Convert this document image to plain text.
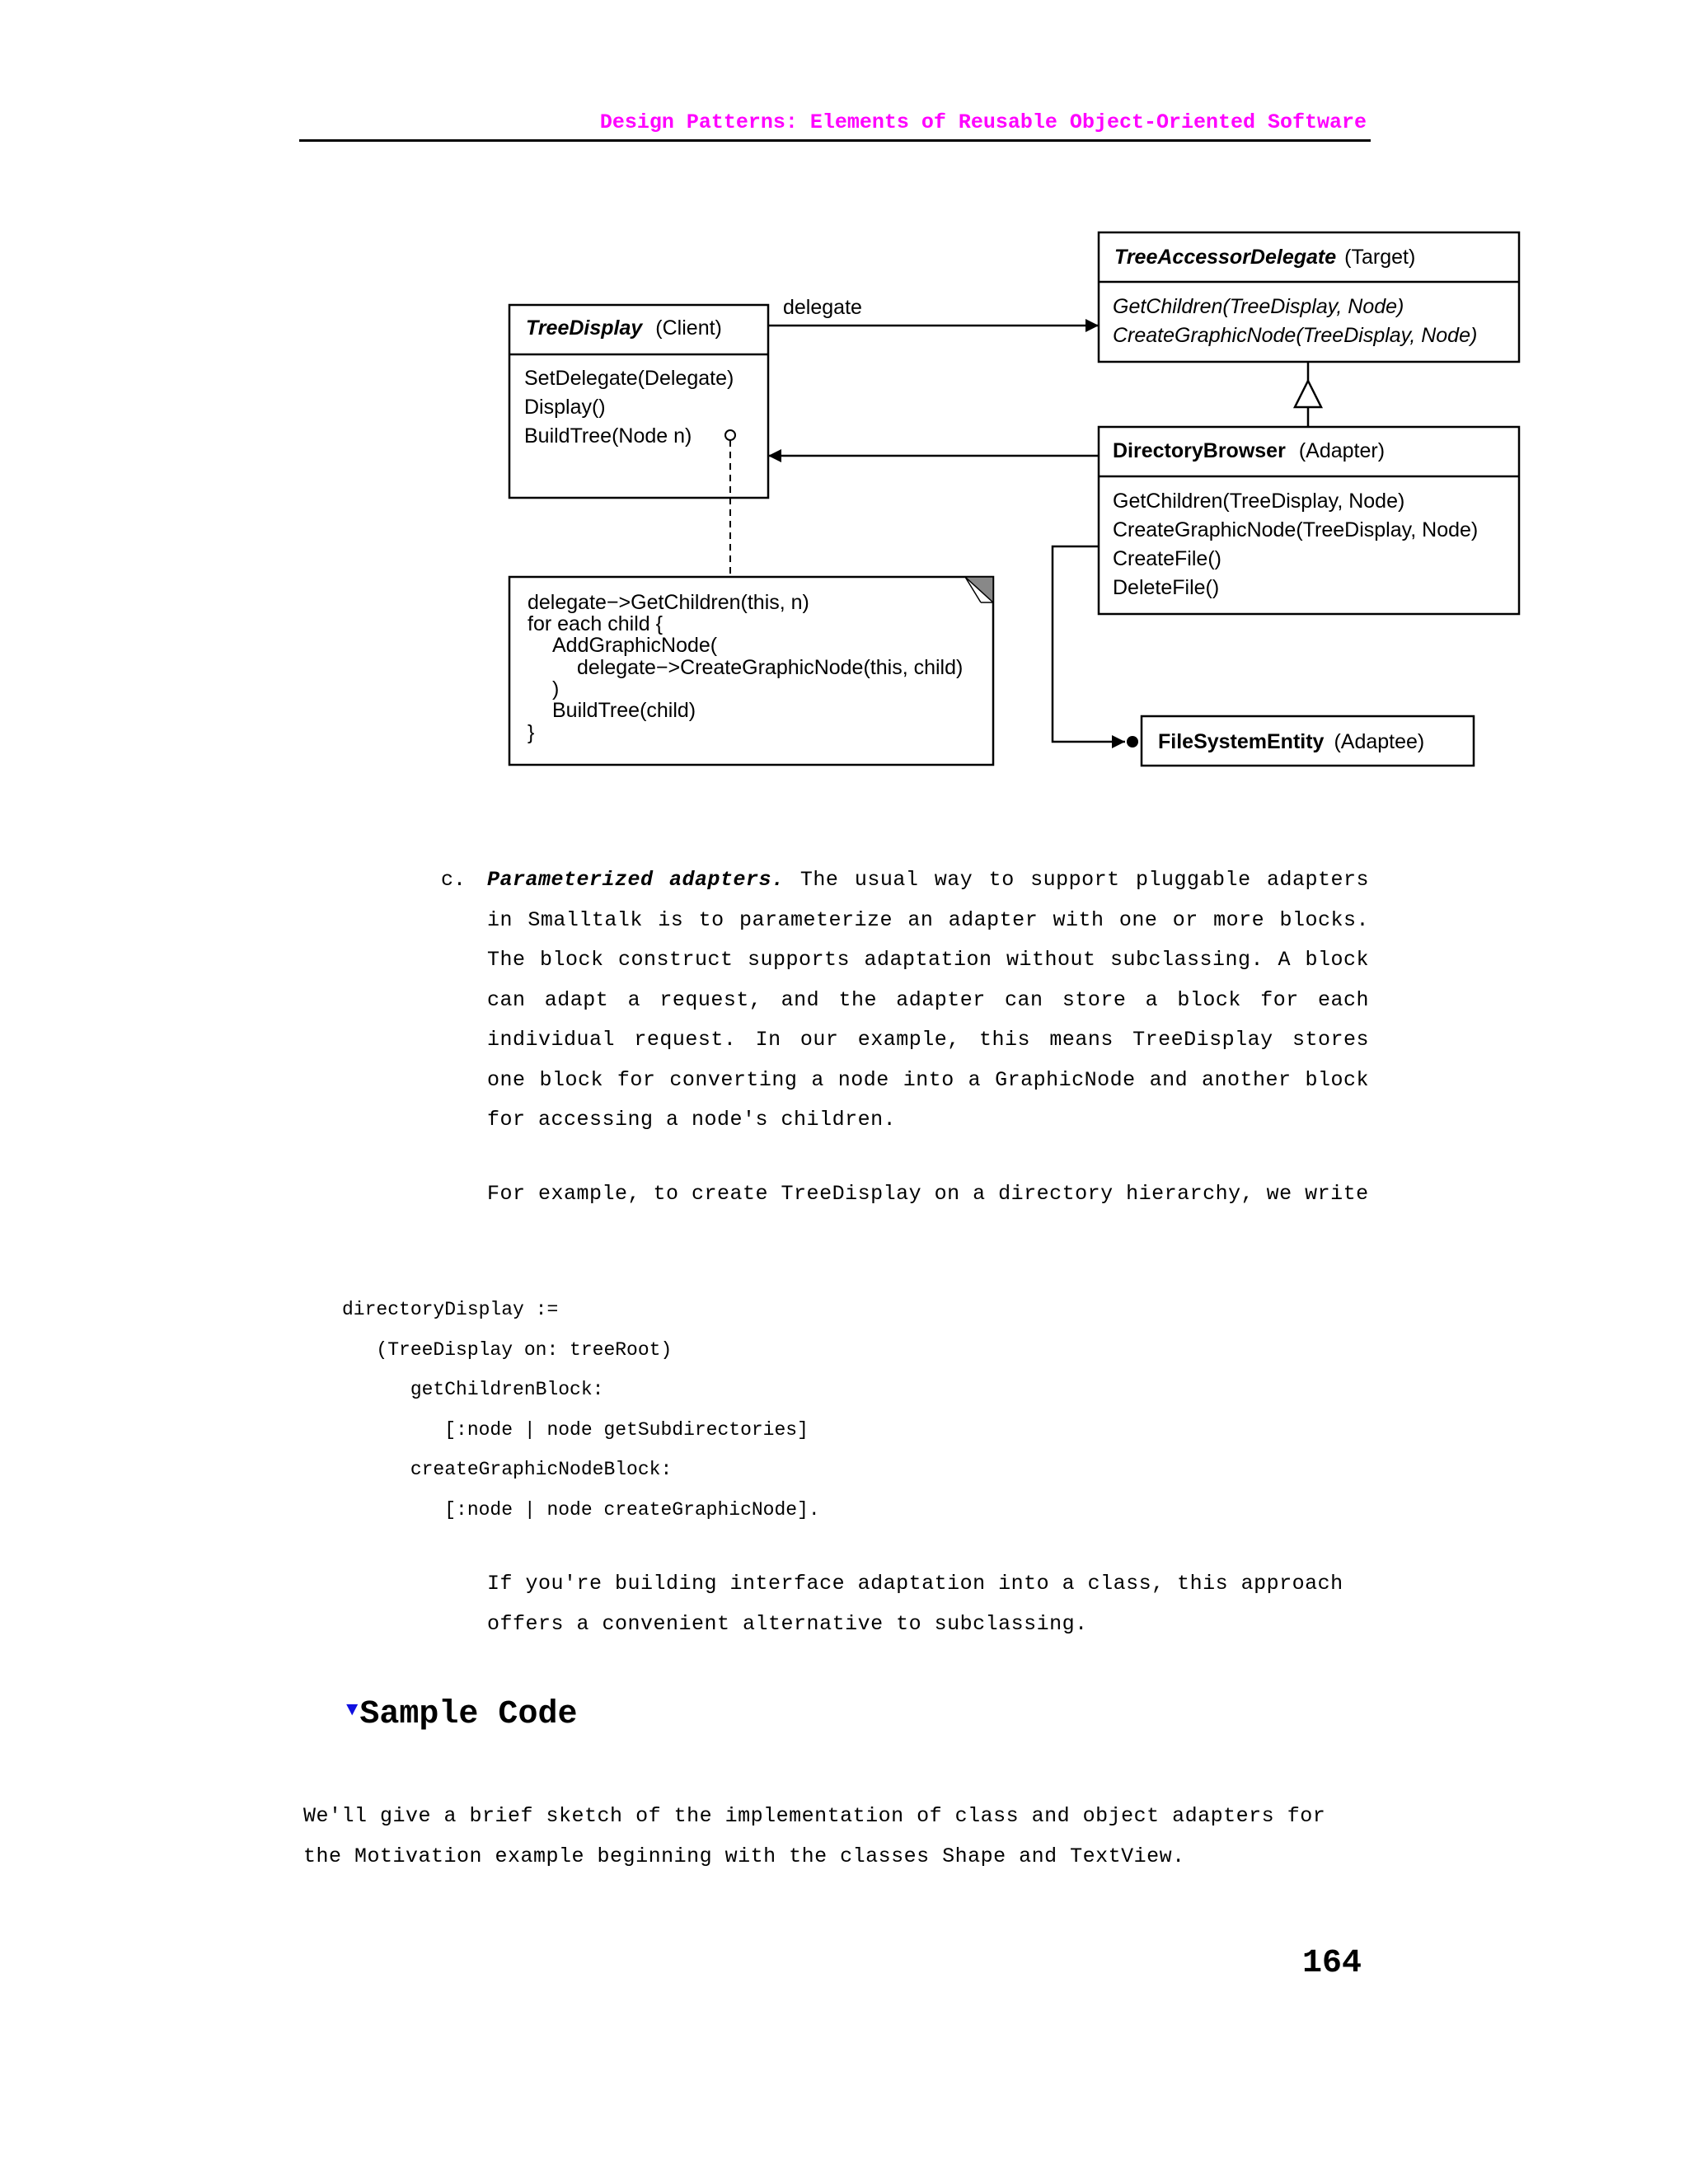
Design Patterns: Elements of Reusable Object-Oriented Software
TreeAccessorDelegate (Target)
GetChildren(TreeDisplay, Node)
CreateGraphicNode(TreeDisplay, Node)
TreeDisplay (Client)
SetDelegate(Delegate)
Display()
BuildTree(Node n)
delegate
DirectoryBrowser (Adapter)
GetChildren(TreeDisplay, Node)
CreateGraphicNode(TreeDisplay, Node)
CreateFile()
DeleteFile()
delegate−>GetChildren(this, n)
for each child {
AddGraphicNode(
delegate−>CreateGraphicNode(this, child)
)
BuildTree(child)
}	FileSystemEntity (Adaptee)
c. Parameterized adapters. The usual way to support pluggable adapters
in Smalltalk is to parameterize an adapter with one or more blocks.
The block construct supports adaptation without subclassing. A block
can adapt a request, and the adapter can store a block for each
individual request. In our example, this means TreeDisplay stores
one block for converting a node into a GraphicNode and another block
for accessing a node's children.
For example, to create TreeDisplay on a directory hierarchy, we write
directoryDisplay :=
(TreeDisplay on: treeRoot)
getChildrenBlock:
[:node | node getSubdirectories]
createGraphicNodeBlock:
[:node | node createGraphicNode].
If you're building interface adaptation into a class, this approach
offers a convenient alternative to subclassing.
▼Sample Code
We'll give a brief sketch of the implementation of class and object adapters for
the Motivation example beginning with the classes Shape and TextView.
164
